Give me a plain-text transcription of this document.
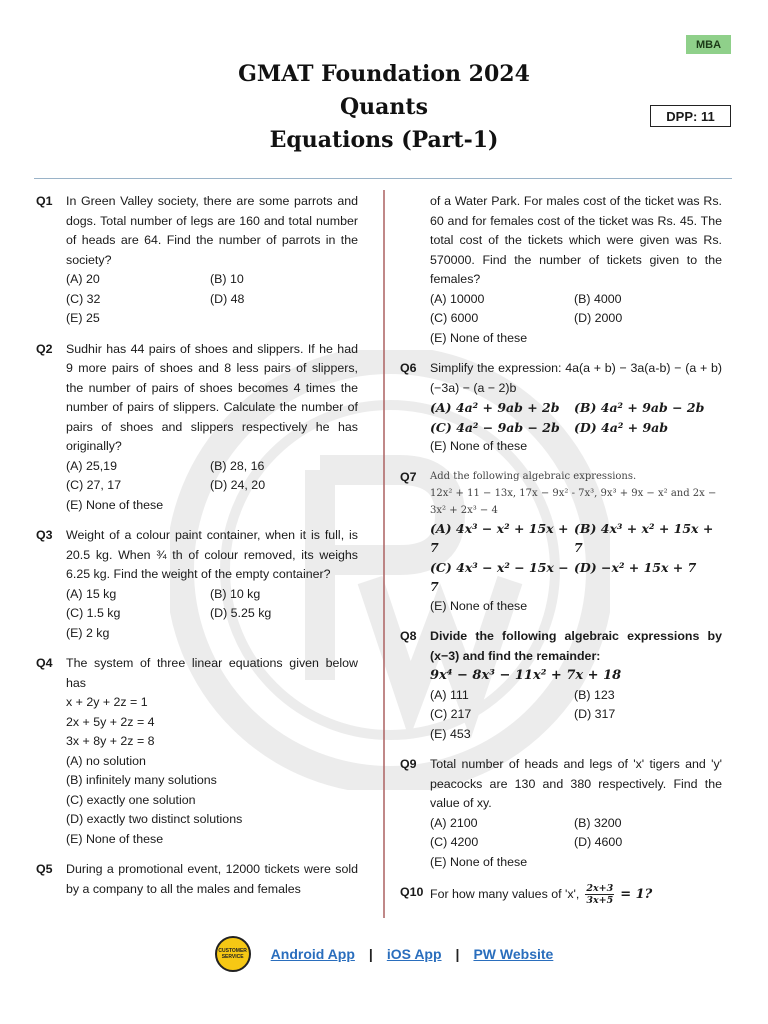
MBA
DPP: 11
GMAT Foundation 2024
Quants
Equations (Part-1)
Q1 In Green Valley society, there are some parrots and dogs. Total number of legs are 160 and total number of heads are 64. Find the number of parrots in the society?
(A) 20	(B) 10
(C) 32	(D) 48
(E) 25
Q2 Sudhir has 44 pairs of shoes and slippers. If he had 9 more pairs of shoes and 8 less pairs of slippers, the number of pairs of shoes becomes 4 times the number of pairs of slippers. Calculate the number of pairs of shoes and slippers respectively he has originally?
(A) 25,19	(B) 28, 16
(C) 27, 17	(D) 24, 20
(E) None of these
Q3 Weight of a colour paint container, when it is full, is 20.5 kg. When ¾ th of colour removed, its weighs 6.25 kg. Find the weight of the empty container?
(A) 15 kg	(B) 10 kg
(C) 1.5 kg	(D) 5.25 kg
(E) 2 kg
Q4 The system of three linear equations given below has
x + 2y + 2z = 1
2x + 5y + 2z = 4
3x + 8y + 2z = 8
(A) no solution
(B) infinitely many solutions
(C) exactly one solution
(D) exactly two distinct solutions
(E) None of these
Q5 During a promotional event, 12000 tickets were sold by a company to all the males and females
of a Water Park. For males cost of the ticket was Rs. 60 and for females cost of the ticket was Rs. 45. The total cost of the tickets which were given was Rs. 570000. Find the number of tickets given to the females?
(A) 10000	(B) 4000
(C) 6000	(D) 2000
(E) None of these
Q6 Simplify the expression: 4a(a + b) − 3a(a-b) − (a + b)(−3a) − (a − 2)b
(A) 4a² + 9ab + 2b	(B) 4a² + 9ab − 2b
(C) 4a² − 9ab − 2b	(D) 4a² + 9ab
(E) None of these
Q7 Add the following algebraic expressions.
12x² + 11 − 13x, 17x − 9x² - 7x³, 9x³ + 9x − x² and 2x − 3x² + 2x³ − 4
(A) 4x³ − x² + 15x + 7
(B) 4x³ + x² + 15x + 7
(C) 4x³ − x² − 15x − 7
(D) −x² + 15x + 7
(E) None of these
Q8 Divide the following algebraic expressions by (x−3) and find the remainder:
9x⁴ − 8x³ − 11x² + 7x + 18
(A) 111	(B) 123
(C) 217	(D) 317
(E) 453
Q9 Total number of heads and legs of 'x' tigers and 'y' peacocks are 130 and 380 respectively. Find the value of xy.
(A) 2100	(B) 3200
(C) 4200	(D) 4600
(E) None of these
Q10 For how many values of 'x', $\frac{2x+3}{3x+5} = 1$?
CUSTOMER SERVICE	Android App | iOS App | PW Website
